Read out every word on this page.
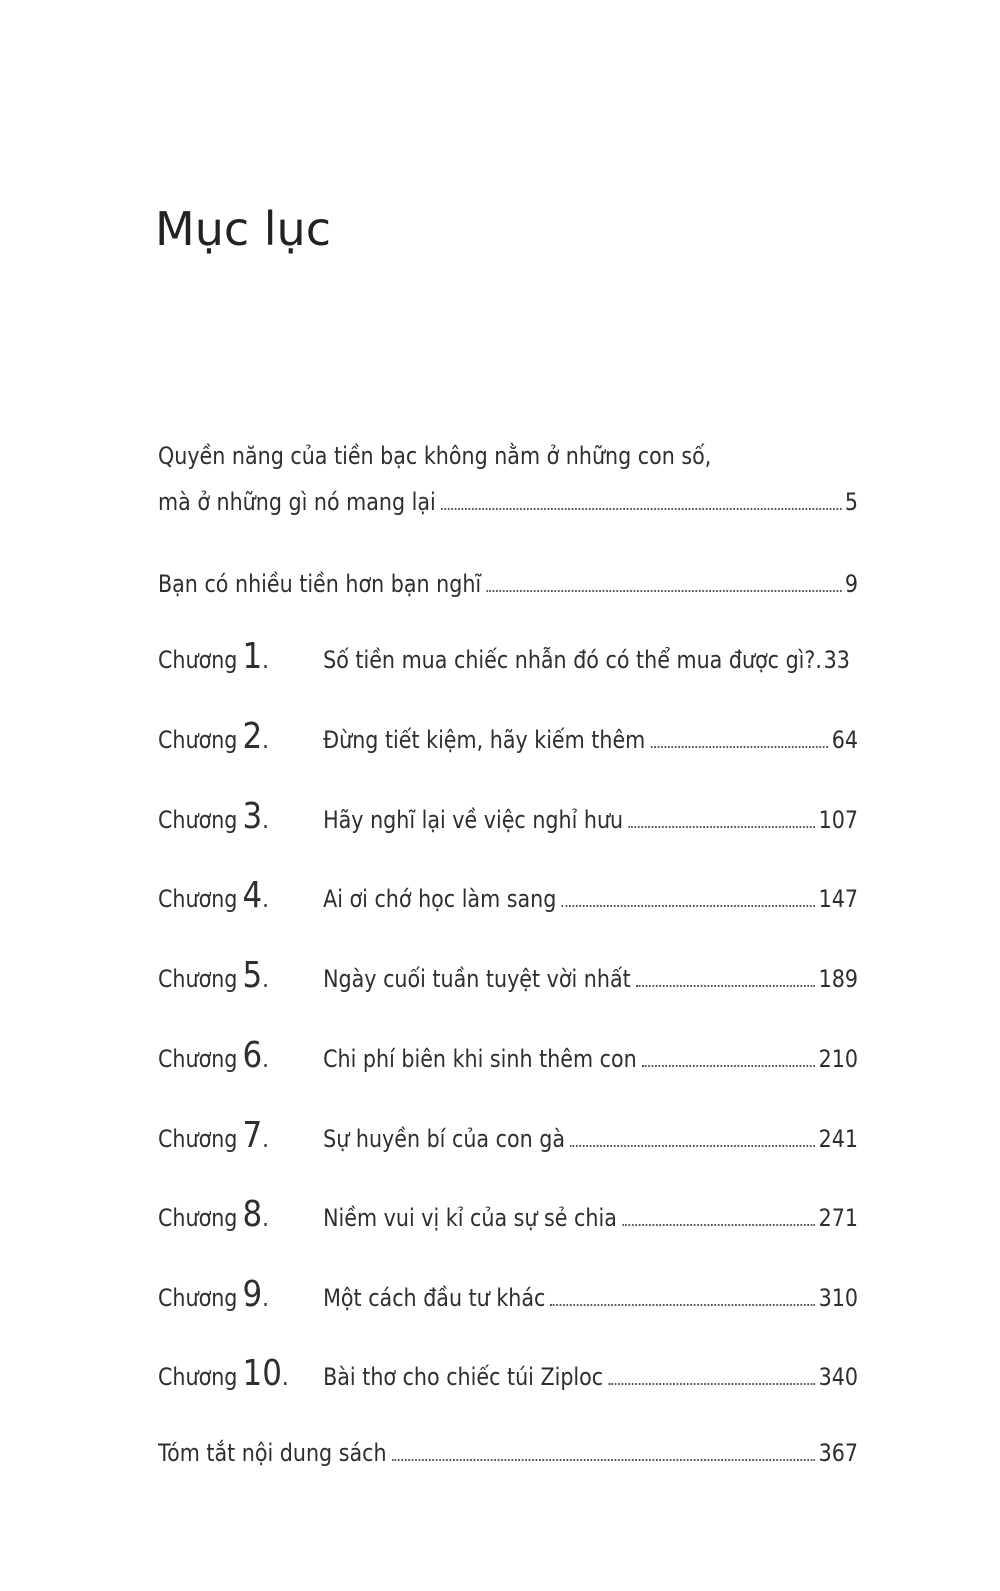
Mục lục
Quyền năng của tiền bạc không nằm ở những con số,
mà ở những gì nó mang lại	5
Bạn có nhiều tiền hơn bạn nghĩ	9
Chương 1.	Số tiền mua chiếc nhẫn đó có thể mua được gì?. 33
Chương 2.	Đừng tiết kiệm, hãy kiếm thêm	64
Chương 3.	Hãy nghĩ lại về việc nghỉ hưu	107
Chương 4.	Ai ơi chớ học làm sang	147
Chương 5.	Ngày cuối tuần tuyệt vời nhất	189
Chương 6.	Chi phí biên khi sinh thêm con	210
Chương 7.	Sự huyền bí của con gà	241
Chương 8.	Niềm vui vị kỉ của sự sẻ chia	271
Chương 9.	Một cách đầu tư khác	310
Chương 10.	Bài thơ cho chiếc túi Ziploc	340
Tóm tắt nội dung sách	367
